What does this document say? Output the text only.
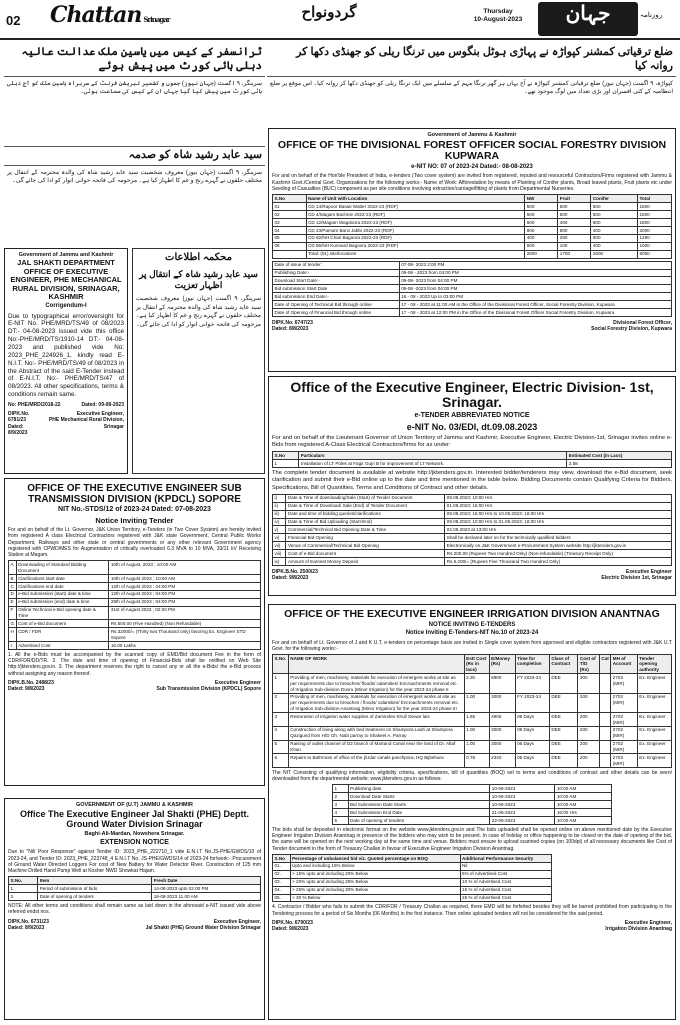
02 Chattan Srinagar	گردونواح	Thursday
10-August-2023	جہان	روزنامہ
ضلع ترقیاتی کمشنر کپواڑہ نے پہاڑی ہوٹل بنگوس میں ترنگا ریلی کو جھنڈی دکھا کر روانہ کیا
کپواڑہ، ۹ اگست (جہان نیوز) ضلع ترقیاتی کمشنر کپواڑہ نے آج یہاں ہر گھر ترنگا مہم کے سلسلے میں ایک ترنگا ریلی کو جھنڈی دکھا کر روانہ کیا۔ اس موقع پر ضلع انتظامیہ کے کئی افسران اور بڑی تعداد میں لوگ موجود تھے۔
ٹرانسفر کے کیس میں یاسین ملک عدالت عالیہ دہلی ہائی کورٹ میں پیش ہوئے
سرینگر، ۹ اگست (جہان نیوز) جموں و کشمیر لبریشن فرنٹ کے سربراہ یاسین ملک کو آج دہلی ہائی کورٹ میں پیش کیا گیا جہاں ان کے کیس کی سماعت ہوئی۔
سید عابد رشید شاہ کو صدمہ
سرینگر، ۹ اگست (جہان نیوز) معروف شخصیت سید عابد رشید شاہ کی والدہ محترمہ کے انتقال پر مختلف حلقوں نے گہرے رنج و غم کا اظہار کیا ہے۔ مرحومہ کی فاتحہ خوانی اتوار کو ادا کی جائے گی۔
Government of Jammu and Kashmir
JAL SHAKTI DEPARTMENT
OFFICE OF EXECUTIVE ENGINEER, PHE MECHANICAL RURAL DIVISION, SRINAGAR, KASHMIR
Corrigendum-I
Due to typographical error/oversight for E-NIT No. PHE/MRD/TS/49 of 08/2023 DT:- 04-08-2023 issued vide this office No:-PHE/MRD/TS/1910-14 DT:- 04-08-2023 and published vide No: 2023_PHE_224926_1, kindly read E-N.I.T. No:- PHE/MRD/TS/49 of 08/2023 in the Abstract of the said E-Tender instead of E-N.I.T. No:- PHE/MRD/TS/47 of 08/2023. All other specifications, terms & conditions remain same.
No: PHE/MRD/2018-22	Dated: 09-08-2023
DIPK.No. 6781/23
Dated: 8/9/2023
Executive Engineer,
PHE Mechanical Rural Division, Srinagar
محکمہ اطلاعات
سید عابد رشید شاہ کے انتقال پر اظہار تعزیت
سرینگر، ۹ اگست (جہان نیوز) معروف شخصیت سید عابد رشید شاہ کی والدہ محترمہ کے انتقال پر مختلف حلقوں نے گہرے رنج و غم کا اظہار کیا ہے۔ مرحومہ کی فاتحہ خوانی اتوار کو ادا کی جائے گی۔
OFFICE OF THE EXECUTIVE ENGINEER SUB TRANSMISSION DIVISION (KPDCL) SOPORE
NIT No.-STDS/12 of 2023-24 Dated: 07-08-2023
Notice Inviting Tender
For and on behalf of the Lt. Governor, J&K Union Territory, e-Tenders (in Two Cover System) are hereby invited from registered A class Electrical Contractors registered with J&K state Government, Central Public Works Department, Railways and other state or central governments or any other relevant Government agency registered with CPWD/MES for Augmentation of critically overloaded 6.3 MVA to 10 MVA, 33/11 kV Receiving Station at Magam.
A	Downloading of Standard Bidding Document	10th of August, 2023 ; 10:00 AM
B	Clarifications start date	10th of August 2023 ; 10:00 AM
C	Clarifications end date	12th of August 2023 ; 04:00 PM
D	e-Bid submission (start) date & time	12th of August 2023 ; 04:00 PM
E	e-Bid submission (end) date & time	29th of August 2023 ; 04:00 PM
F	Online Technical e-Bid opening date & Time	31st of August 2023 ; 02:00 PM
G	Cost of e-Bid document	Rs.500.00 (Five Hundred) (Non Refundable)
H	CDR / FDR	Rs.32000/= (Thirty two Thousand only) favoring Ex. Engineer STD Sopore
I	Advertised Cost	16.00 Lakhs
1. All the e-Bids must be accompanied by the scanned copy of EMD/Bid document Fee in the form of CDR/FDR/DD/TR. 2. The date and time of opening of Financial-Bids shall be notified on Web Site http://jktenders.gov.in. 3. The department reserves the right to cancel any or all the e-Bids/ the e-Bid process without assigning any reason thereof.
DIPK.B.No. 2488/23
Dated: 9/8/2023
Executive Engineer
Sub Transmission Division (KPDCL) Sopore
GOVERNMENT OF (U.T) JAMMU & KASHMIR
Office The Executive Engineer Jal Shakti (PHE) Deptt. Ground Water Division Srinagar
Baghi-Ali-Mardan, Nowshera Srinagar.
EXTENSION NOTICE
Due to "Nil/ Poor Response" against Tender ID: 2023_PHE_222710_1 vide E.N.I.T No.JS-PHE/GWDS/10 of 2023-24, and Tender ID: 2023_PHE_223748_4 E.N.I.T No. JS-PHE/GWDS/14 of 2023-24 for/work:- Procurement of Ground Water Directed Loggers For cost of New Battery for Water Detector River. Construction of 125 mm Machine Drilled Hand Pump Well at Kosher NWD Showkat Hajam.
S.No.	Item	Fresh Date
1.	Period of submission of bids	14-08-2023 upto 02.00 PM
2.	Date of opening of tenders	16-08-2023 11.00 AM
NOTE: All other terms and conditions shall remain same as laid down in the aforesaid e-NIT issued vide above referred endst nos.
DIPK.No. 6731/23
Dated: 8/9/2023
Executive Engineer,
Jal Shakti (PHE) Ground Water Division Srinagar
Government of Jammu & Kashmir
OFFICE OF THE DIVISIONAL FOREST OFFICER SOCIAL FORESTRY DIVISION KUPWARA
e-NIT NO: 07 of 2023-24 Dated:- 08-08-2023
For and on behalf of the Hon'ble President of India, e-tenders (Two cover system) are invited from registered, reputed and resourceful Contractors/Firms registered with Jammu & Kashmir Govt./Central Govt. Organizations for the following works:- Name of Work: Afforestation by means of Planting of Conifer plants, Broad leaved plants, Fruit plants etc under Seeding of Casualties (BUC) component as per site conditions involving extraction/carriage/fitting of plants from Departmental Nurseries.
S.No	Name of Unit with Location	NW	Fruit	Conifer	Total
01	CD 14/Rapoor Basati Watter 2022-23 (RDF)	500	500	500	1500
02	CD 4/Magam Bachnie 2022-23 (RDF)	500	500	500	1500
03	CD 12/Magam Wagdoora 2022-23 (RDF)	600	400	800	1800
04	CD 23/Pamam Banii Jabbi 2022-23 (RDF)	800	800	400	2000
05	CD 62/NH Chari Bagoora 2022-23 (RDF)	400	250	600	1250
06	CD 56/NH Kunnard Bagoora 2022-23 (RDF)	500	100	400	1000
	Total: (01) site/locations	2800	1700	2600	8050
Date of issue of tender:	07-08- 2023 2:00 PM
Publishing Date:-	09-08 - 2023 from 04:00 PM
Download Start Date:-	09-08- 2023 from 04:00 PM
Bid submission Start Date	09-08 -2023 from 04:00 PM
Bid submission End Date:-	16 - 08 - 2023 Up to 03:00 PM
Date of Opening of Technical Bid through online	17 - 08 - 2023 at 11:00 AM in the Office of the Divisional Forest Officer, Social Forestry Division, Kupwara
Date of Opening of Financial Bid through online	17 - 08 - 2023 at 12:00 PM in the Office of the Divisional Forest Officer Social Forestry Division, Kupwara
DIPK.No. 6747/23
Dated: 8/8/2023
Divisional Forest Officer,
Social Forestry Division, Kupwara
Office of the Executive Engineer, Electric Division- 1st, Srinagar.
e-TENDER ABBREVIATED NOTICE
e-NIT No. 03/EDI, dt.09.08.2023
For and on behalf of the Lieutenant Governor of Union Territory of Jammu and Kashmir, Executive Engineer, Electric Division-1st, Srinagar invites online e-Bids from registered A-Class Electrical Contractors/firms for as under:
S.No	Particulars	Estimated Cost (in Lacs)
1	Installation of LT Poles at Fagir Gujri B for improvement of LT Network.	2.58
The complete tender document is available at website http://jktenders.gov.in. Interested bidder/tenderers may view, download the e-Bid document, seek clarification and submit their e-Bid online up to the date and time mentioned in the table below. Bidding Documents contain Qualifying Criteria for Bidders, Specifications, Bill of Quantities, Terms and Conditions of Contract and other details.
i)	Date & Time of downloading/Sale (Start) of Tender Document	09.08.2023; 10:00 Hrs
ii)	Date & Time of Download/ Sale (End) of Tender Document	01.09.2023; 16:00 Hrs
iii)	Date and time of bidding queries/clarifications	09.08.2023; 16:00 Hrs to 10.09.2023; 16:00 Hrs
iv)	Date & Time of Bid Uploading (Start-End)	09.08.2023; 10:00 Hrs to 01.09.2023; 16:00 Hrs
v)	Commercial/Technical Bid Opening Date & Time	02.09.2023 at 13:00 Hrs
vi)	Financial Bid Opening	Shall be declared later on for the technically qualified bidders
vii)	Venue of Commercial/Technical Bid Opening	Electronically on J&K Government e-Procurement System website http://jktenders.gov.in
viii)	Cost of e-Bid document	Rs.200.00 (Rupees Two Hundred Only) (Non-refundable) (Treasury Receipt Only)
ix)	Amount of Earnest Money Deposit	Rs.5,200/= (Rupees Five Thousand Two Hundred Only)
DIPK.B.No. 2500/23
Dated: 9/8/2023
Executive Engineer
Electric Division 1st, Srinagar
OFFICE OF THE EXECUTIVE ENGINEER IRRIGATION DIVISION ANANTNAG
NOTICE INVITING E-TENDERS
Notice Inviting E-Tenders-NIT No.10 of 2023-24
For and on behalf of Lt. Governor of J and K U.T, e-tenders on percentage basis are invited in Single cover system from approved and eligible contractors registered with J&K U.T Govt. for the following works:-
S.No.	NAME OF WORK	Estt Cost (Rs in lacs)	E/Money (Rs)	Time for completion	Class of Contract	Cost of T/D (Rs)	Cat	MH of Account	Tender opening authority
1	Providing of men, machinery, materials for execution of emergent works at site as per requirements due to breaches/ floods/ calamities/ Encroachments removal etc. of Irrigation Sub-division Dooru (Minor Irrigation) for the year 2023-24 phase II	2.30	6900	FY 2023-24	DEE	300		2702 (MIR)	Ex. Engineer
2	Providing of men, machinery, materials for execution of emergent works at site as per requirements due to breaches / floods/ calamities/ Encroachments removal etc. of Irrigation Sub-division Anantnag (Minor Irrigation) for the year 2023-24 phase III	1.00	3000	FY 2023-24	DEE	200		2702 (MIR)	Ex. Engineer
3	Restoration of irrigation water supplies of Zaminden Khul/ Dewar lais	1.65	4905	08 Days	DEE	200		2702 (MIR)	Ex. Engineer
4	Construction of lining along with bed treatment on Shampora Ladri at Shampora Qazigund from H/D Gh. Nabi parray to Shakeel A. Parray	1.00	3000	06 Days	DEE	200		2702 (MIR)	Ex. Engineer
5	Raising of outlet channel of D2 branch of Martand Canal near the land of Dr. Altaf Khan	1.00	3000	06 Days	DEE	200		2702 (MIR)	Ex. Engineer
6	Repairs to Bathroom of office of the j/Udar canals panchpora, HQ Bijbehara	0.78	2340	05 Days	DEE	200		2702 (MIR)	Ex. Engineer
The NIT Consisting of qualifying information, eligibility criteria, specifications, bill of quantities (BOQ) set to terms and conditions of contract and other details can be seen/ downloaded from the departmental website: www.jktenders.gov.in as follows:
1	Publishing date	10-08-2023	10:00 AM
2	Download Date Starts	10-08-2023	10:00 AM
3	Bid Submission Date Starts	10-08-2023	10:00 AM
4	Bid Submission End Date	21-08-2023	16:00 Hrs
5	Date of opening of tenders	22-08-2023	10:00 AM
The bids shall be deposited in electronic format on the website www.jktenders.gov.in and The bids uploaded shall be opened online on above mentioned date by the Executive Engineer Irrigation Division Anantnag in presence of the bidders who may wish to be present. In case of holiday or office happening to be closed on the date of opening of the bid, the same will be opened on the next working day at the same time and venue. Bidders must ensure to upload scanned copies (on 100dpi) of all necessary documents like Cost of Tender document in the form of Treasury Challan in favour of Executive Engineer Irrigation Division Anantnag.
S.No	Percentage of unbalanced bid viz. Quoted percentage on BOQ	Additional Performance Security
01.	Upto and including 15% Below	Nil
02.	> 15% upto and including 20% Below	5% of Advertised Cost
03.	> 20% upto and including 25% Below	10 % of Advertised Cost
04.	> 25% upto and including 30% Below	15 % of Advertised Cost
05.	> 30 % Below	25 % of Advertised Cost
4. Contractor / Bidder who fails to submit the CDR/FDR / Treasury Challan as required, there EMD will be forfeited besides they will be barred prohibited from participating in the Tendering process for a period of Six Months (06 Months) in the first instance. Then online uploaded tenders will not be considered for the said period.
DIPK.No. 6790/23
Dated: 9/8/2023
Executive Engineer,
Irrigation Division Anantnag
